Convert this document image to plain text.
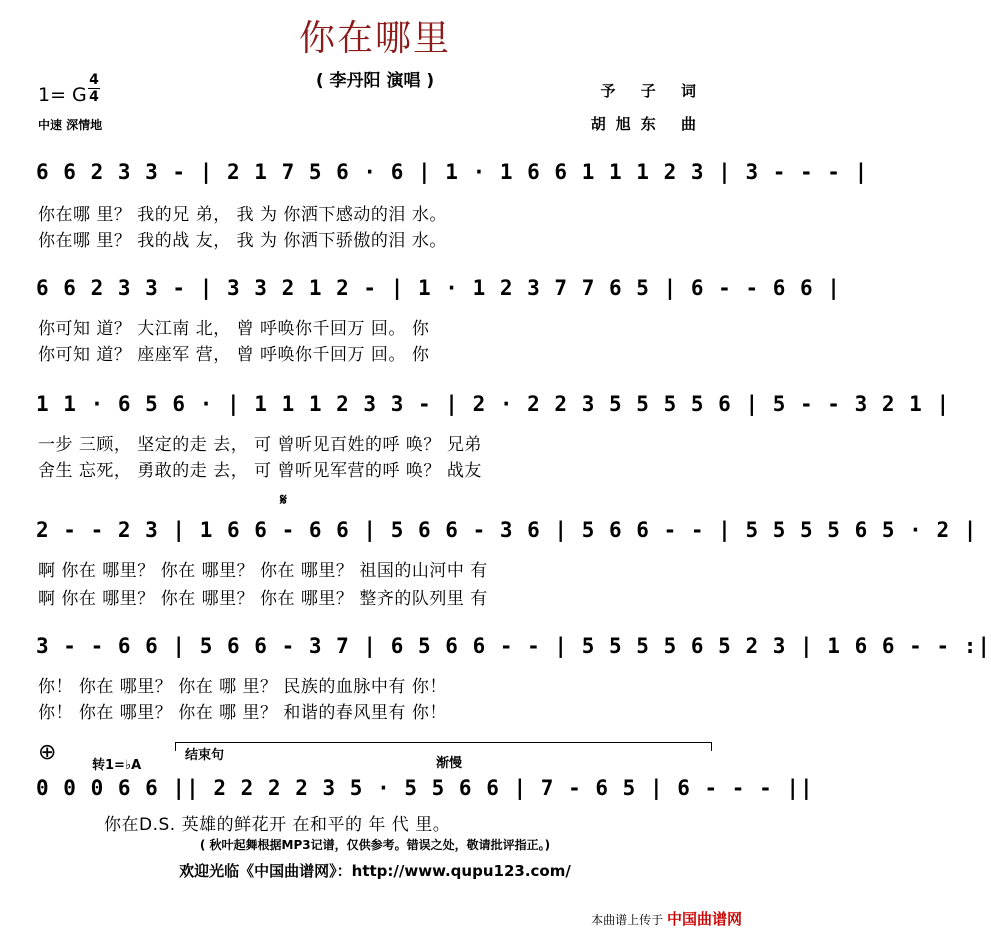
你在哪里
( 李丹阳 演唱 )
1= G
4
4
中速 深情地
予 子 词
胡旭东 曲
6 6 2 3 3 - | 2 1 7 5 6 · 6 | 1 · 1 6 6 1 1 1 2 3 | 3 - - - |
你在哪 里？ 我的兄 弟， 我 为 你洒下感动的泪 水。
你在哪 里？ 我的战 友， 我 为 你洒下骄傲的泪 水。
6 6 2 3 3 - | 3 3 2 1 2 - | 1 · 1 2 3 7 7 6 5 | 6 - - 6 6 |
你可知 道？ 大江南 北， 曾 呼唤你千回万 回。 你
你可知 道？ 座座军 营， 曾 呼唤你千回万 回。 你
1 1 · 6 5 6 · | 1 1 1 2 3 3 - | 2 · 2 2 3 5 5 5 5 6 | 5 - - 3 2 1 |
一步 三顾， 坚定的走 去， 可 曾听见百姓的呼 唤？ 兄弟
舍生 忘死， 勇敢的走 去， 可 曾听见军营的呼 唤？ 战友
𝄋
2 - - 2 3 | 1 6 6 - 6 6 | 5 6 6 - 3 6 | 5 6 6 - - | 5 5 5 5 6 5 · 2 |
啊 你在 哪里？ 你在 哪里？ 你在 哪里？ 祖国的山河中 有
啊 你在 哪里？ 你在 哪里？ 你在 哪里？ 整齐的队列里 有
3 - - 6 6 | 5 6 6 - 3 7 | 6 5 6 6 - - | 5 5 5 5 6 5 2 3 | 1 6 6 - - :|
你！ 你在 哪里？ 你在 哪 里？ 民族的血脉中有 你！
你！ 你在 哪里？ 你在 哪 里？ 和谐的春风里有 你！
⊕
转1=♭A
结束句
渐慢
0 0 0 6 6 || 2 2 2 2 3 5 · 5 5 6 6 | 7 - 6 5 | 6 - - - ||
你在D.S. 英雄的鲜花开 在和平的 年 代 里。
( 秋叶起舞根据MP3记谱，仅供参考。错误之处，敬请批评指正。)
欢迎光临《中国曲谱网》：http://www.qupu123.com/
本曲谱上传于 中国曲谱网
